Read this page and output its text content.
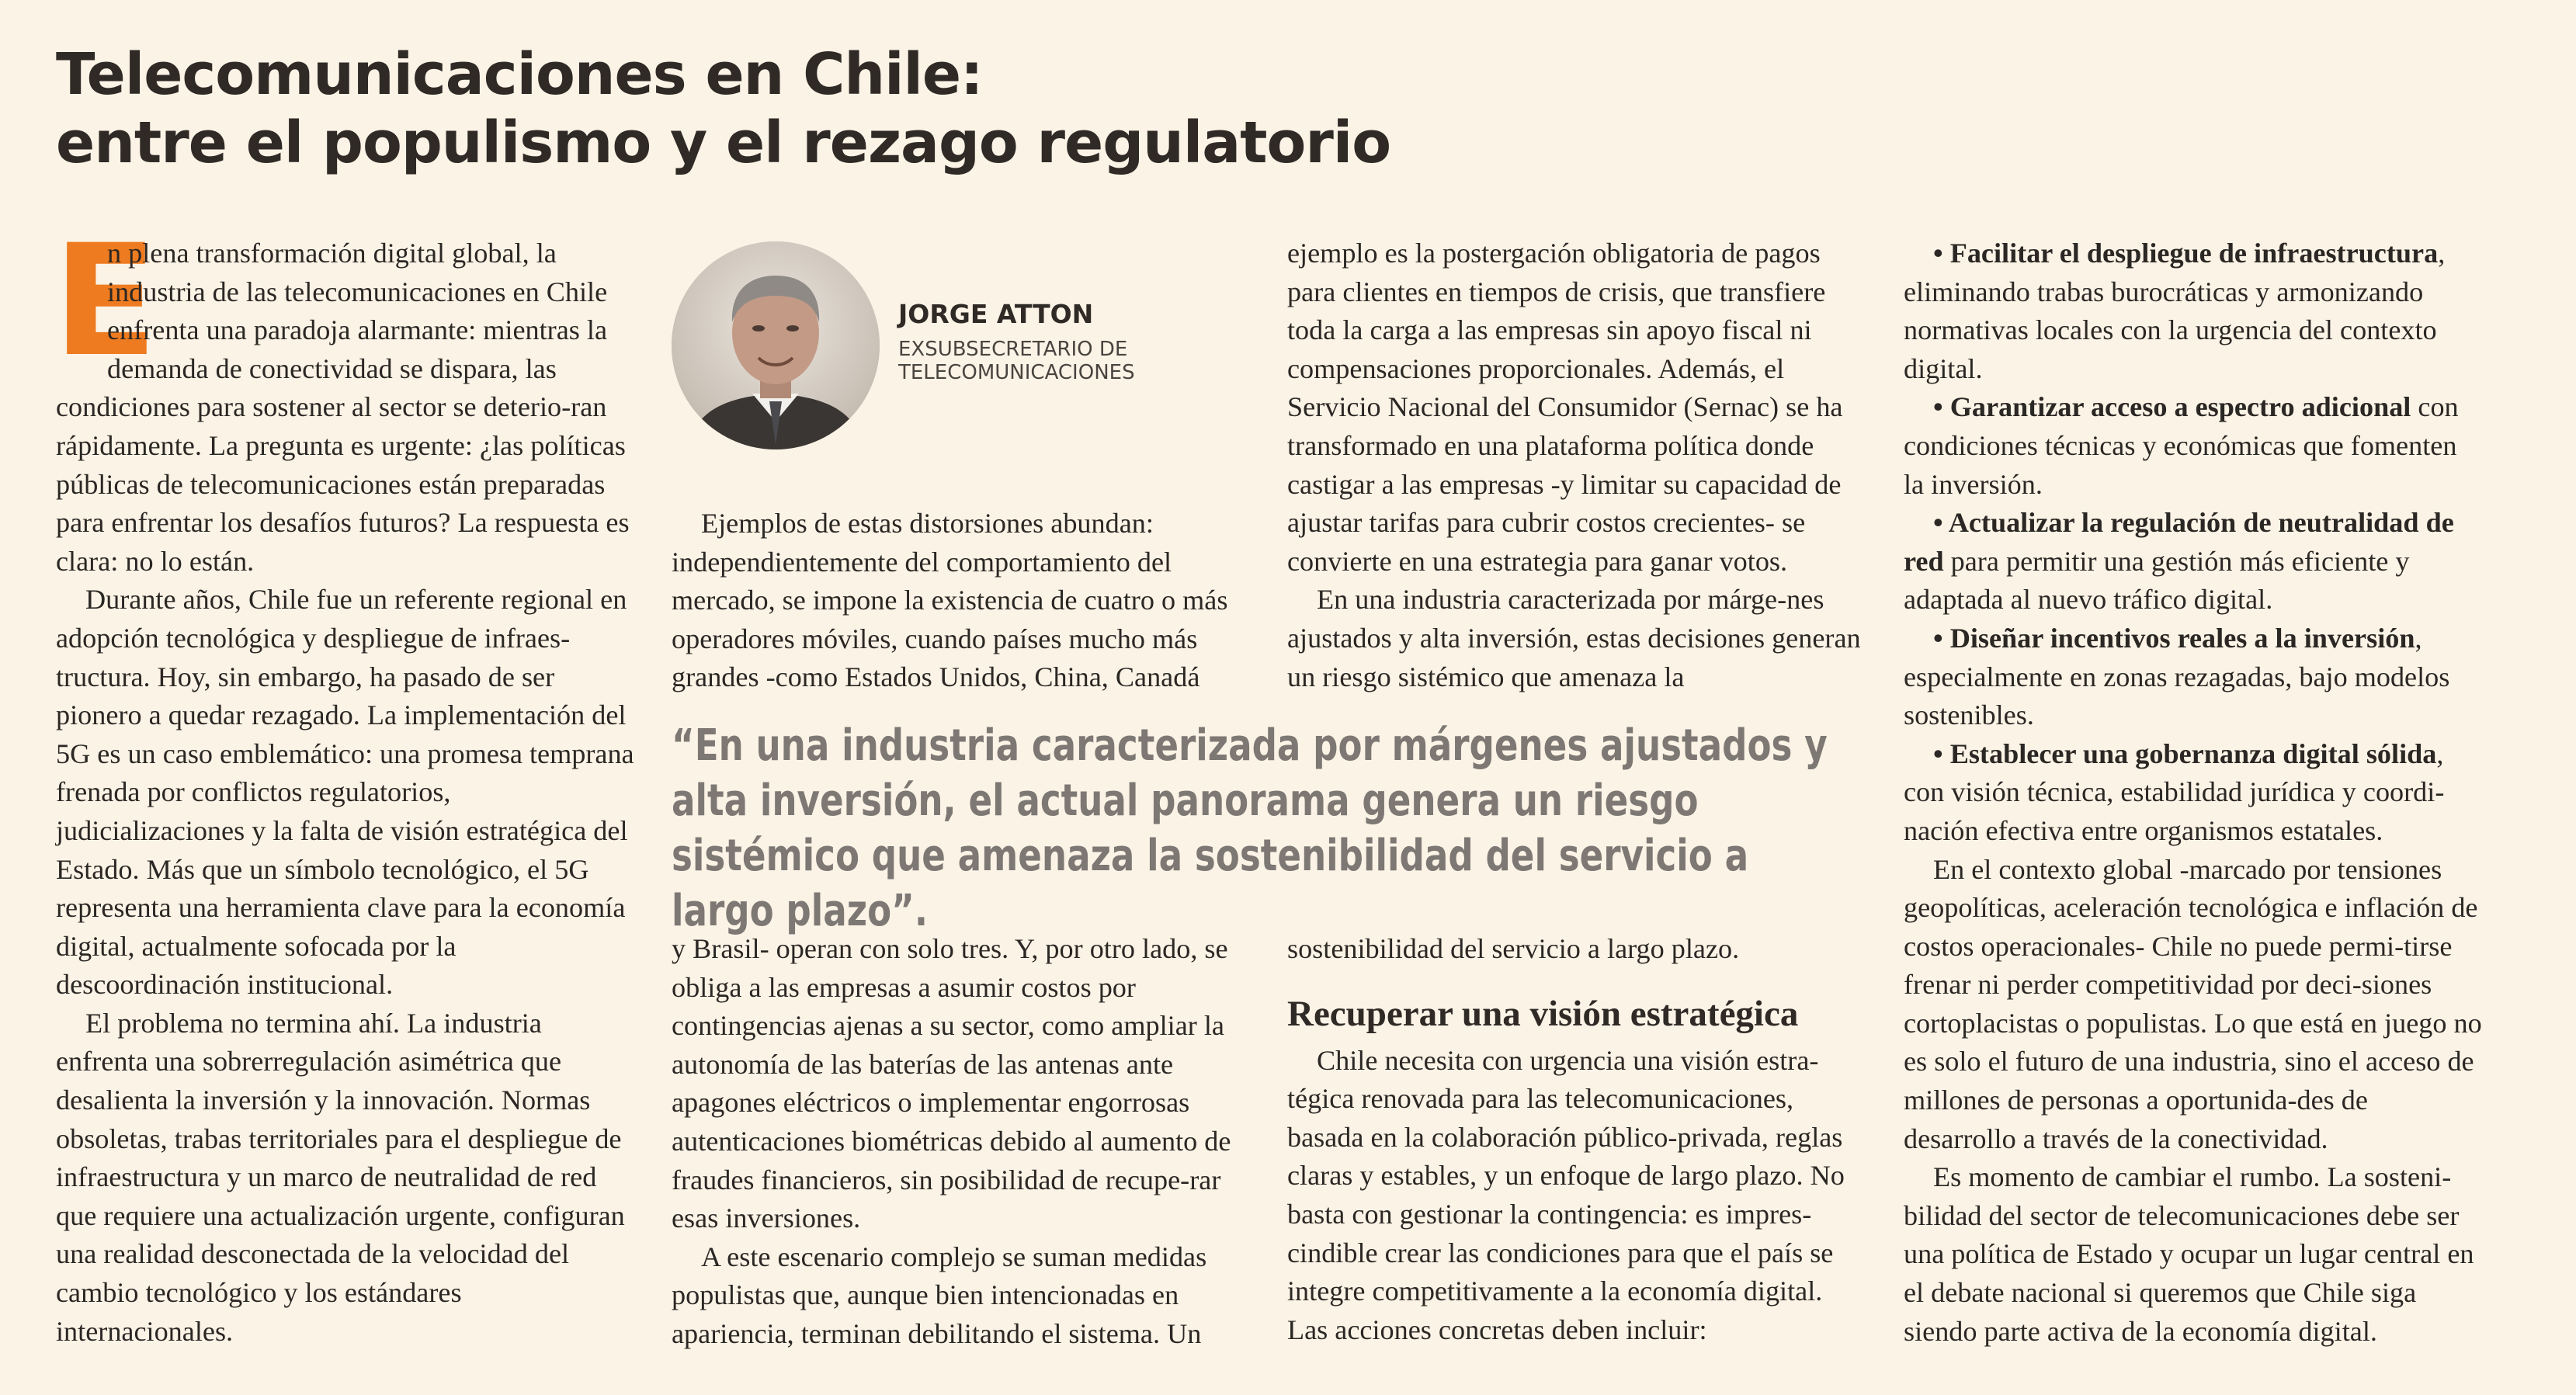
Telecomunicaciones en Chile:
entre el populismo y el rezago regulatorio

E
n plena transformación digital global, la industria de las telecomunicaciones en Chile enfrenta una paradoja alarmante: mientras la demanda de conectividad se dispara, las condiciones para sostener al sector se deterio-ran rápidamente. La pregunta es urgente: ¿las políticas públicas de telecomunicaciones están preparadas para enfrentar los desafíos futuros? La respuesta es clara: no lo están.

Durante años, Chile fue un referente regional en adopción tecnológica y despliegue de infraes-tructura. Hoy, sin embargo, ha pasado de ser pionero a quedar rezagado. La implementación del 5G es un caso emblemático: una promesa temprana frenada por conflictos regulatorios, judicializaciones y la falta de visión estratégica del Estado. Más que un símbolo tecnológico, el 5G representa una herramienta clave para la economía digital, actualmente sofocada por la descoordinación institucional.

El problema no termina ahí. La industria enfrenta una sobrerregulación asimétrica que desalienta la inversión y la innovación. Normas obsoletas, trabas territoriales para el despliegue de infraestructura y un marco de neutralidad de red que requiere una actualización urgente, configuran una realidad desconectada de la velocidad del cambio tecnológico y los estándares internacionales.

JORGE ATTON

EXSUBSECRETARIO DE TELECOMUNICACIONES

Ejemplos de estas distorsiones abundan: independientemente del comportamiento del mercado, se impone la existencia de cuatro o más operadores móviles, cuando países mucho más grandes -como Estados Unidos, China, Canadá

“En una industria caracterizada por márgenes ajustados y alta inversión, el actual panorama genera un riesgo sistémico que amenaza la sostenibilidad del servicio a largo plazo”.

y Brasil- operan con solo tres. Y, por otro lado, se obliga a las empresas a asumir costos por contingencias ajenas a su sector, como ampliar la autonomía de las baterías de las antenas ante apagones eléctricos o implementar engorrosas autenticaciones biométricas debido al aumento de fraudes financieros, sin posibilidad de recupe-rar esas inversiones.

A este escenario complejo se suman medidas populistas que, aunque bien intencionadas en apariencia, terminan debilitando el sistema. Un

ejemplo es la postergación obligatoria de pagos para clientes en tiempos de crisis, que transfiere toda la carga a las empresas sin apoyo fiscal ni compensaciones proporcionales. Además, el Servicio Nacional del Consumidor (Sernac) se ha transformado en una plataforma política donde castigar a las empresas -y limitar su capacidad de ajustar tarifas para cubrir costos crecientes- se convierte en una estrategia para ganar votos.

En una industria caracterizada por márge-nes ajustados y alta inversión, estas decisiones generan un riesgo sistémico que amenaza la

sostenibilidad del servicio a largo plazo.

Recuperar una visión estratégica

Chile necesita con urgencia una visión estra-tégica renovada para las telecomunicaciones, basada en la colaboración público-privada, reglas claras y estables, y un enfoque de largo plazo. No basta con gestionar la contingencia: es impres-cindible crear las condiciones para que el país se integre competitivamente a la economía digital. Las acciones concretas deben incluir:

• Facilitar el despliegue de infraestructura, eliminando trabas burocráticas y armonizando normativas locales con la urgencia del contexto digital.

• Garantizar acceso a espectro adicional con condiciones técnicas y económicas que fomenten la inversión.

• Actualizar la regulación de neutralidad de red para permitir una gestión más eficiente y adaptada al nuevo tráfico digital.

• Diseñar incentivos reales a la inversión, especialmente en zonas rezagadas, bajo modelos sostenibles.

• Establecer una gobernanza digital sólida, con visión técnica, estabilidad jurídica y coordi-nación efectiva entre organismos estatales.

En el contexto global -marcado por tensiones geopolíticas, aceleración tecnológica e inflación de costos operacionales- Chile no puede permi-tirse frenar ni perder competitividad por deci-siones cortoplacistas o populistas. Lo que está en juego no es solo el futuro de una industria, sino el acceso de millones de personas a oportunida-des de desarrollo a través de la conectividad.

Es momento de cambiar el rumbo. La sosteni-bilidad del sector de telecomunicaciones debe ser una política de Estado y ocupar un lugar central en el debate nacional si queremos que Chile siga siendo parte activa de la economía digital.
